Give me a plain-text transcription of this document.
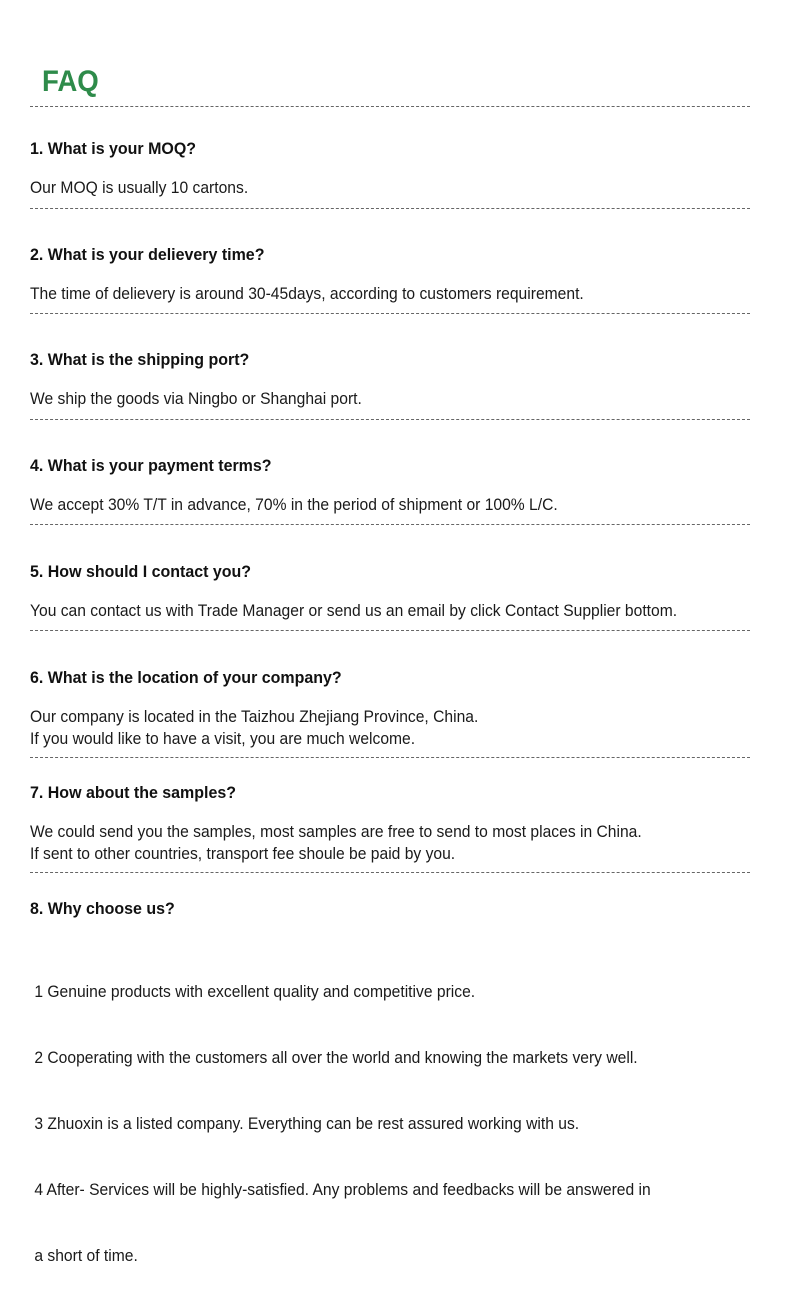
FAQ
1. What is your MOQ?

Our MOQ is usually 10 cartons.

2. What is your delievery time?

The time of delievery is around 30-45days, according to customers requirement.

3. What is the shipping port?

We ship the goods via Ningbo or Shanghai port.

4. What is your payment terms?

We accept 30% T/T in advance, 70% in the period of shipment or 100% L/C.

5. How should I contact you?

You can contact us with Trade Manager or send us an email by click Contact Supplier bottom.

6. What is the location of your company?

Our company is located in the Taizhou Zhejiang Province, China.
If you would like to have a visit, you are much welcome.

7. How about the samples?

We could send you the samples, most samples are free to send to most places in China.
If sent to other countries, transport fee shoule be paid by you.

8. Why choose us?

1 Genuine products with excellent quality and competitive price.

2 Cooperating with the customers all over the world and knowing the markets very well.

3 Zhuoxin is a listed company. Everything can be rest assured working with us.

4 After- Services will be highly-satisfied. Any problems and feedbacks will be answered in

a short of time.
